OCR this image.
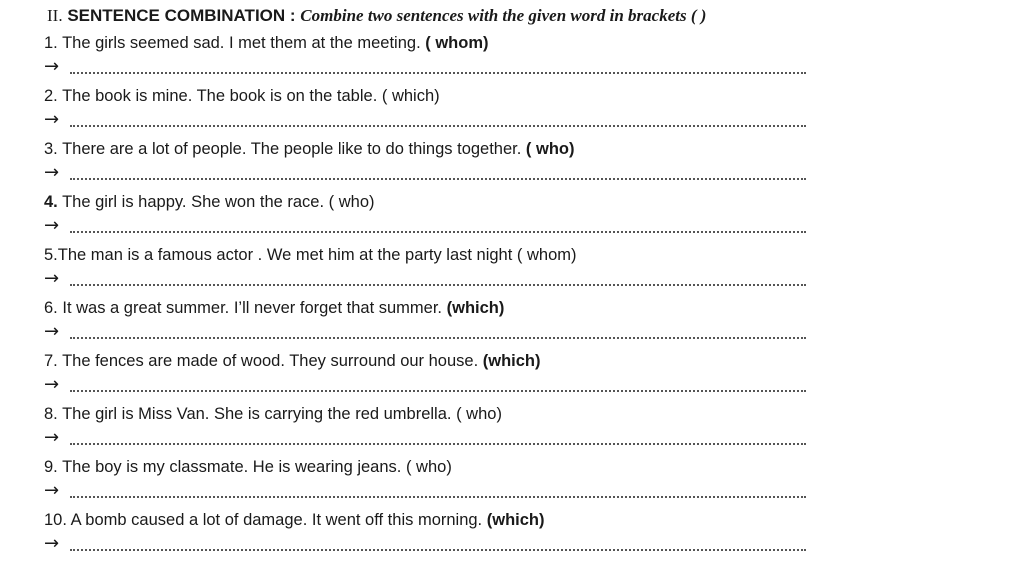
II. SENTENCE COMBINATION : Combine two sentences with the given word in brackets ( )
1. The girls seemed sad. I met them at the meeting. ( whom)
→
2. The book is mine. The book is on the table. ( which)
→
3. There are a lot of people. The people like to do things together. ( who)
→
4. The girl is happy. She won the race. ( who)
→
5.The man is a famous actor . We met him at the party last night ( whom)
→
6. It was a great summer. I’ll never forget that summer. (which)
→
7. The fences are made of wood. They surround our house. (which)
→
8. The girl is Miss Van. She is carrying the red umbrella. ( who)
→
9. The boy is my classmate. He is wearing jeans. ( who)
→
10. A bomb caused a lot of damage. It went off this morning. (which)
→
